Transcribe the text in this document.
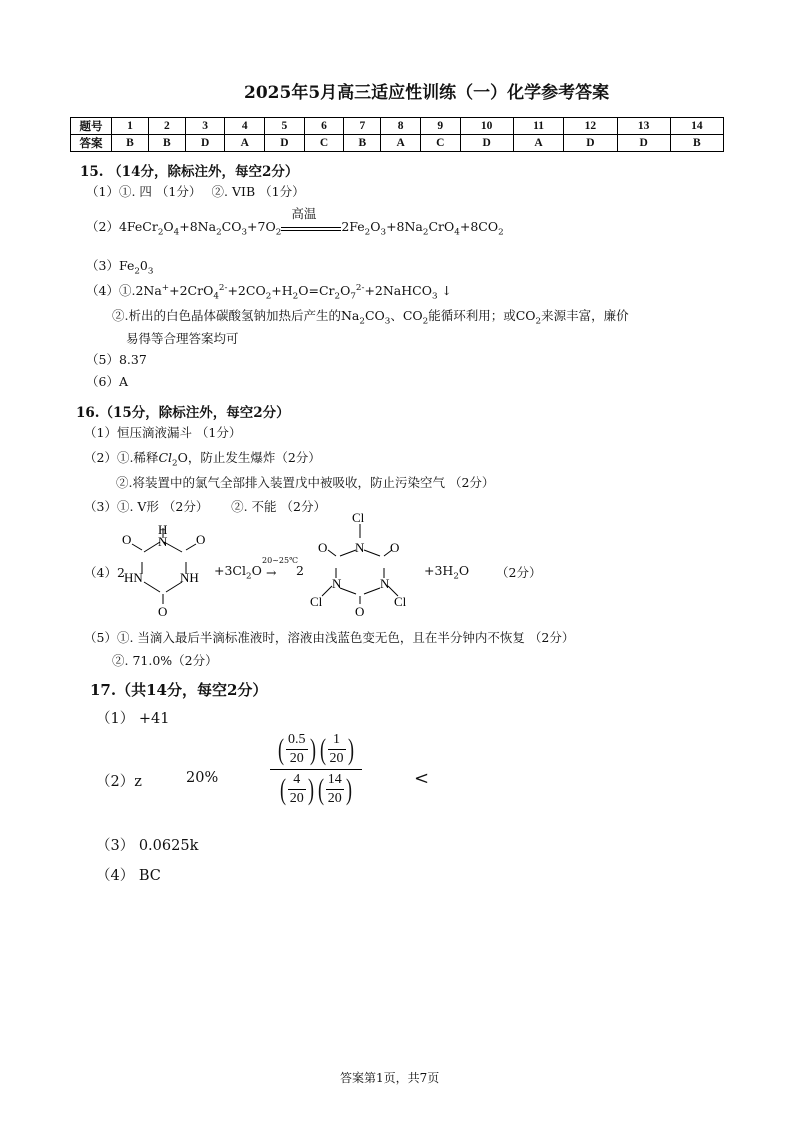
2025年5月高三适应性训练（一）化学参考答案
题号	1	2	3	4	5	6	7	8	9	10	11	12	13	14
答案	B	B	D	A	D	C	B	A	C	D	A	D	D	B
15. （14分，除标注外，每空2分）
（1）①. 四 （1分）　 ②. VIB （1分）
$(2)4FeCr_2O_4+8Na_2CO_3+7O_2$
高温
$2Fe_2O_3+8Na_2CrO_4+8CO_2$
$(3)Fe_20_3$
$(4)①.2Na^++2CrO_4^{2-}+2CO_2+H_2O=Cr_2O_7^{2-}+2NaHCO_3$ ↓
②.析出的白色晶体碳酸氢钠加热后产生的$Na_2CO_3$、$CO_2$能循环利用；或$CO_2$来源丰富，廉价
易得等合理答案均可
（5）8.37
（6）A
16.（15分，除标注外，每空2分）
（1）恒压滴液漏斗 （1分）
（2）①.稀释$Cl_2O$，防止发生爆炸（2分）
②.将装置中的氯气全部排入装置戊中被吸收，防止污染空气 （2分）
（3）①. V形 （2分）　　 ②. 不能 （2分）
（4）2
H
N O
O
NH
HN
O
$+3Cl_2O$
20~25℃
→ 2
Cl
N O
O
N
N
Cl	Cl
O
$+3H_2O$ （2分）
（5）①. 当滴入最后半滴标准液时，溶液由浅蓝色变无色，且在半分钟内不恢复 （2分）
②. 71.0%（2分）
17.（共14分，每空2分）
（1） +41
（2）z	$20\% \frac{( \frac{0.5}{20} ) ( \frac{1}{20} )}{( \frac{4}{20} ) ( \frac{14}{20} )}$	<
（3） 0.0625k
（4） BC
答案第1页，共7页
